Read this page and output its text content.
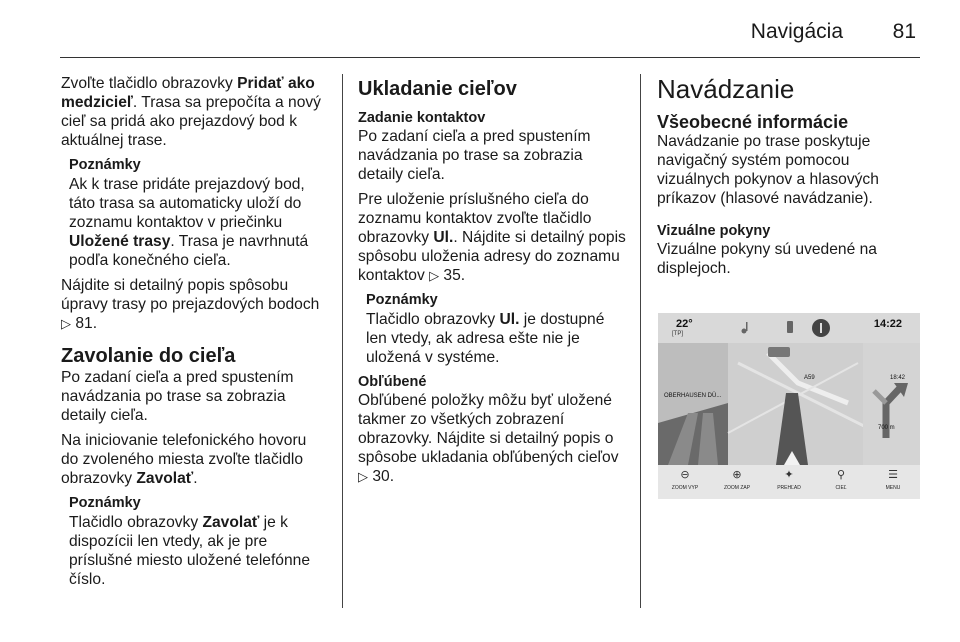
Navigácia 81

Zvoľte tlačidlo obrazovky Pridať ako medzicieľ. Trasa sa prepočíta a nový cieľ sa pridá ako prejazdový bod k aktuálnej trase.

Poznámky
Ak k trase pridáte prejazdový bod, táto trasa sa automaticky uloží do zoznamu kontaktov v priečinku Uložené trasy. Trasa je navrhnutá podľa konečného cieľa.

Nájdite si detailný popis spôsobu úpravy trasy po prejazdových bodoch ▷ 81.

Zavolanie do cieľa

Po zadaní cieľa a pred spustením navádzania po trase sa zobrazia detaily cieľa.

Na iniciovanie telefonického hovoru do zvoleného miesta zvoľte tlačidlo obrazovky Zavolať.

Poznámky
Tlačidlo obrazovky Zavolať je k dispozícii len vtedy, ak je pre príslušné miesto uložené telefónne číslo.
Ukladanie cieľov
Zadanie kontaktov

Po zadaní cieľa a pred spustením navádzania po trase sa zobrazia detaily cieľa.

Pre uloženie príslušného cieľa do zoznamu kontaktov zvoľte tlačidlo obrazovky Ul.. Nájdite si detailný popis spôsobu uloženia adresy do zoznamu kontaktov ▷ 35.

Poznámky
Tlačidlo obrazovky Ul. je dostupné len vtedy, ak adresa ešte nie je uložená v systéme.
Obľúbené

Obľúbené položky môžu byť uložené takmer zo všetkých zobrazení obrazovky. Nájdite si detailný popis o spôsobe ukladania obľúbených cieľov ▷ 30.

Navádzanie
Všeobecné informácie

Navádzanie po trase poskytuje navigačný systém pomocou vizuálnych pokynov a hlasových príkazov (hlasové navádzanie).

Vizuálne pokyny

Vizuálne pokyny sú uvedené na displejoch.

22°
[TP]
14:22
OBERHAUSEN DÜ...
A59	18:42
700 m
⊖
ZOOM VYP
⊕
ZOOM ZAP
✦
PREHĽAD
⚲
CIEĽ
☰
MENU
